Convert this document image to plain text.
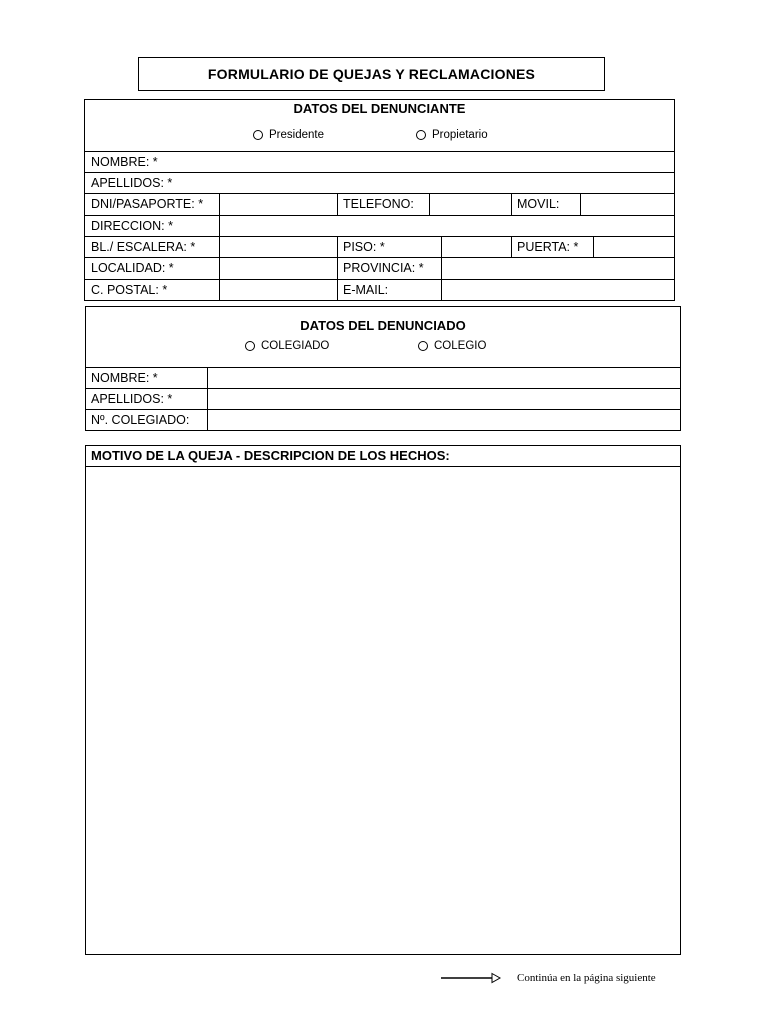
FORMULARIO DE QUEJAS Y RECLAMACIONES
DATOS DEL DENUNCIANTE
Presidente	Propietario
NOMBRE: *
APELLIDOS: *
DNI/PASAPORTE: *	TELEFONO:	MOVIL:
DIRECCION: *
BL./ ESCALERA: *	PISO: *	PUERTA: *
LOCALIDAD: *	PROVINCIA: *
C. POSTAL: *	E-MAIL:
DATOS DEL DENUNCIADO
COLEGIADO	COLEGIO
NOMBRE: *
APELLIDOS: *
Nº. COLEGIADO:
MOTIVO DE LA QUEJA - DESCRIPCION DE LOS HECHOS:
Continúa en la página siguiente
